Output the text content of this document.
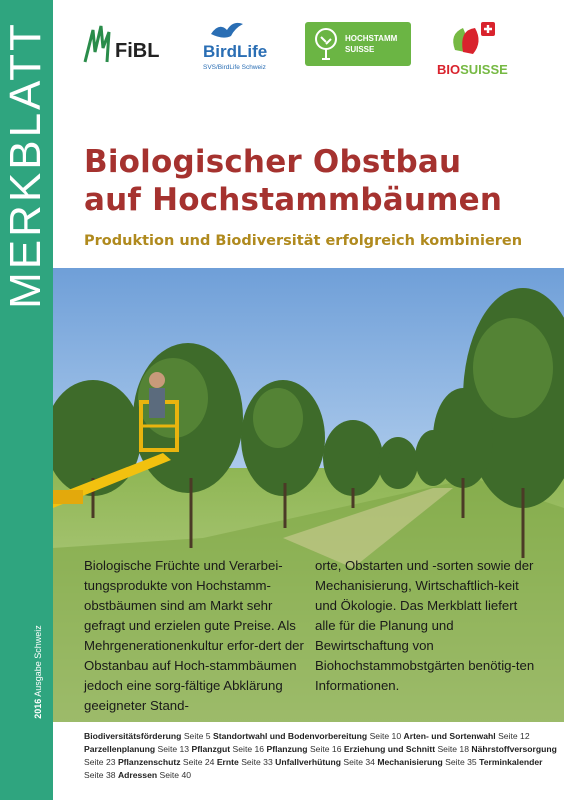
MERKBLATT
2016 Ausgabe Schweiz
FiBL	BirdLife
SVS/BirdLife Schweiz
HOCHSTAMM
SUISSE
BIOSUISSE
Biologischer Obstbau
auf Hochstammbäumen
Produktion und Biodiversität erfolgreich kombinieren

Biologische Früchte und Verarbei-tungsprodukte von Hochstamm-obstbäumen sind am Markt sehr gefragt und erzielen gute Preise. Als Mehrgenerationenkultur erfor-dert der Obstanbau auf Hoch-stammbäumen jedoch eine sorg-fältige Abklärung geeigneter Stand-

orte, Obstarten und -sorten sowie der Mechanisierung, Wirtschaftlich-keit und Ökologie. Das Merkblatt liefert alle für die Planung und Bewirtschaftung von Biohochstammobstgärten benötig-ten Informationen.

Biodiversitätsförderung Seite 5 Standortwahl und Bodenvorbereitung Seite 10 Arten- und Sortenwahl Seite 12 Parzellenplanung Seite 13 Pflanzgut Seite 16 Pflanzung Seite 16 Erziehung und Schnitt Seite 18 Nährstoffversorgung Seite 23 Pflanzenschutz Seite 24 Ernte Seite 33 Unfallverhütung Seite 34 Mechanisierung Seite 35 Terminkalender Seite 38 Adressen Seite 40
